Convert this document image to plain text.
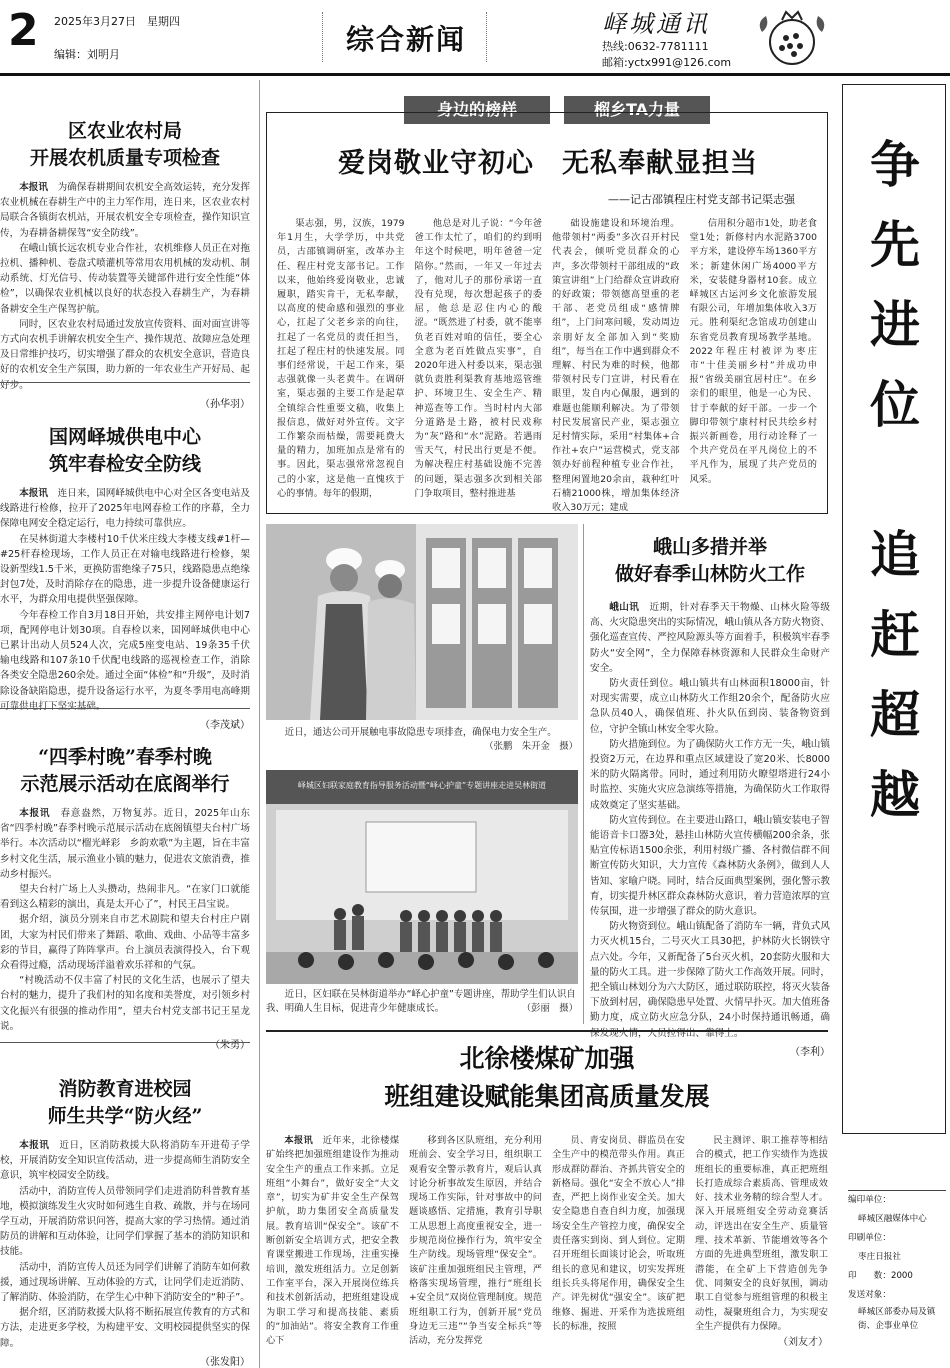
2 2025年3月27日　星期四
编辑：刘明月	综合新闻	峄城通讯
热线:0632-7781111
邮箱:yctx991@126.com
区农业农村局
开展农机质量专项检查

本报讯　 为确保春耕期间农机安全高效运转，充分发挥农业机械在春耕生产中的主力军作用，连日来，区农业农村局联合各镇街农机站，开展农机安全专项检查，操作知识宣传，为春耕备耕保驾“安全防线”。

在峨山镇长远农机专业合作社，农机维修人员正在对拖拉机、播种机、卷盘式喷灌机等常用农用机械的发动机、制动系统、灯光信号、传动装置等关键部件进行安全性能“体检”，以确保农业机械以良好的状态投入春耕生产，为春耕备耕安全生产保驾护航。

同时，区农业农村局通过发放宣传资料、面对面宣讲等方式向农机手讲解农机安全生产、操作规范、故障应急处理及日常维护技巧，切实增强了群众的农机安全意识，营造良好的农机安全生产氛围，助力新的一年农业生产开好局、起好步。

（孙华羽）
国网峄城供电中心
筑牢春检安全防线

本报讯　 连日来，国网峄城供电中心对全区各变电站及线路进行检修，拉开了2025年电网春检工作的序幕，全力保障电网安全稳定运行，电力持续可靠供应。

在吴林街道大李楼村10千伏米庄线大李楼支线#1杆—#25杆春检现场，工作人员正在对输电线路进行检修，架设新型线1.5千米，更换防雷绝缘子75只，线路隐患点绝缘封包7处，及时消除存在的隐患，进一步提升设备健康运行水平，为群众用电提供坚强保障。

今年春检工作自3月18日开始，共安排主网停电计划7项，配网停电计划30项。自春检以来，国网峄城供电中心已累计出动人员524人次，完成5座变电站、19条35千伏输电线路和107条10千伏配电线路的巡视检查工作，消除各类安全隐患260余处。通过全面“体检”和“升级”，及时消除设备缺陷隐患，提升设备运行水平，为夏冬季用电高峰期可靠供电打下坚实基础。

（李茂斌）
“四季村晚”春季村晚
示范展示活动在底阁举行

本报讯　 春意盎然，万物复苏。近日，2025年山东省“四季村晚”春季村晚示范展示活动在底阁镇望夫台村广场举行。本次活动以“榴光峄彩　乡韵欢歌”为主题，旨在丰富乡村文化生活，展示渔业小镇的魅力，促进农文旅消费，推动乡村振兴。

望夫台村广场上人头攒动，热闹非凡。“在家门口就能看到这么精彩的演出，真是太开心了”，村民王昌宝说。

据介绍，演员分别来自市艺术剧院和望夫台村庄户剧团，大家为村民们带来了舞蹈、歌曲、戏曲、小品等丰富多彩的节目，赢得了阵阵掌声。台上演员表演得投入，台下观众看得过瘾，活动现场洋溢着欢乐祥和的气氛。

“村晚活动不仅丰富了村民的文化生活，也展示了望夫台村的魅力，提升了我们村的知名度和美誉度，对引领乡村文化振兴有很强的推动作用”，望夫台村党支部书记王星龙说。

（朱勇）
消防教育进校园
师生共学“防火经”

本报讯　 近日，区消防救援大队将消防车开进荀子学校，开展消防安全知识宣传活动，进一步提高师生消防安全意识，筑牢校园安全防线。

活动中，消防宣传人员带领同学们走进消防科普教育基地，模拟演练发生火灾时如何逃生自救、疏散，并与在场同学互动，开展消防常识问答，提高大家的学习热情。通过消防员的讲解和互动体验，让同学们掌握了基本的消防知识和技能。

活动中，消防宣传人员还为同学们讲解了消防车如何救援，通过现场讲解、互动体验的方式，让同学们走近消防、了解消防、体验消防，在学生心中种下消防安全的“种子”。

据介绍，区消防救援大队将不断拓展宣传教育的方式和方法，走进更多学校，为构建平安、文明校园提供坚实的保障。

（张发阳）
身边的榜样	榴乡TA力量
爱岗敬业守初心　无私奉献显担当
——记古邵镇程庄村党支部书记渠志强

渠志强，男，汉族，1979年1月生，大学学历，中共党员，古邵镇调研室，改革办主任、程庄村党支部书记。工作以来，他始终爱岗敬业，忠诚履职，踏实肯干，无私奉献，以高度的使命感和强烈的事业心，扛起了父老乡亲的向往，扛起了一名党员的责任担当，扛起了程庄村的快速发展。同事们经常说，干起工作来，渠志强就像一头老黄牛。在调研室，渠志强的主要工作是起草全镇综合性重要文稿，收集上报信息，做好对外宣传。文字工作繁杂而枯燥，需要耗费大量的精力，加班加点是常有的事。因此，渠志强常常忽视自己的小家，这是他一直愧疚于心的事情。每年的假期，

他总是对儿子说：“今年爸爸工作太忙了，咱们的约到明年这个时候吧，明年爸爸一定陪你。”然而，一年又一年过去了，他对儿子的那份承诺一直没有兑现，每次想起孩子的委屈，他总是忍住内心的酸涩。“既然进了村委，就不能辜负老百姓对咱的信任，要全心全意为老百姓做点实事”，自2020年进入村委以来，渠志强就负责胜利渠教育基地巡管维护、环境卫生、安全生产、精神巡查等工作。当时村内大部分道路是土路，被村民戏称为“灰”路和“水”泥路。若遇雨雪天气，村民出行更是不便。为解决程庄村基础设施不完善的问题，渠志强多次到相关部门争取项目，整村推进基

础设施建设和环境治理。他带领村“两委”多次召开村民代表会，倾听党员群众的心声，多次带领村干部组成的“政策宣讲组”上门给群众宣讲政府的好政策；带领德高望重的老干部、老党员组成“感情牌组”，上门问寒问暖，发动周边亲朋好友全部加入到“奖励组”，每当在工作中遇到群众不理解、村民为难的时候，他都带领村民专门宣讲，村民看在眼里，发自内心佩服，遇到的难题也能顺利解决。为了带领村民发展富民产业，渠志强立足村情实际，采用“村集体+合作社+农户”运营模式，党支部领办好前程种植专业合作社，整理闲置地20余亩，栽种红叶石楠21000株，增加集体经济收入30万元；建成

信用积分超市1处，助老食堂1处；新修村内水泥路3700平方米，建设停车场1360平方米；新建休闲广场4000平方米，安装健身器材10套。成立峄城区古运河乡文化旅游发展有限公司，年增加集体收入3万元。胜利渠纪念馆成功创建山东省党员教育现场教学基地。2022年程庄村被评为枣庄市“十佳美丽乡村”并成功申报“省级美丽宜居村庄”。在乡亲们的眼里，他是一心为民、甘于奉献的好干部。一步一个脚印带领宁康村村民共绘乡村振兴新画卷，用行动诠释了一个共产党员在平凡岗位上的不平凡作为，展现了共产党员的风采。

近日，通达公司开展触电事故隐患专项排查，确保电力安全生产。
（张鹏　朱开金　摄）
峄城区妇联家庭教育指导服务活动暨“峄心护童”专题讲座走进吴林街道
近日，区妇联在吴林街道举办“峄心护童”专题讲座，帮助学生们认识自我、明确人生目标，促进青少年健康成长。	（彭丽　摄）
峨山多措并举
做好春季山林防火工作

峨山讯　 近期，针对春季天干物燥、山林火险等级高、火灾隐患突出的实际情况，峨山镇从各方防火物资、强化巡查宣传、严控风险源头等方面着手，积极筑牢春季防火“安全网”，全力保障春林资源和人民群众生命财产安全。

防火责任到位。峨山镇共有山林面积18000亩，针对现实需要，成立山林防火工作组20余个，配备防火应急队员40人，确保值班、扑火队伍到岗、装备物资到位，守护全镇山林安全零火险。

防火措施到位。为了确保防火工作方无一失，峨山镇投资2万元，在边界和重点区域建设了宽20米、长8000米的防火隔离带。同时，通过利用防火瞭望塔进行24小时监控、实施火灾应急演练等措施，为确保防火工作取得成效奠定了坚实基础。

防火宣传到位。在主要进山路口，峨山镇安装电子智能语音卡口器3处，悬挂山林防火宣传横幅200余条，张贴宣传标语1500余张，利用村级广播、各村微信群不间断宣传防火知识，大力宣传《森林防火条例》，做到人人皆知、家喻户晓。同时，结合反面典型案例，强化警示教育，切实提升林区群众森林防火意识，着力营造浓厚的宣传氛围，进一步增强了群众的防火意识。

防火物资到位。峨山镇配备了消防车一辆，背负式风力灭火机15台，二号灭火工具30把，护林防火长钢铁守点六处。今年，又新配备了5台灭火机，20套防火服和大量的防火工具。进一步保障了防火工作高效开展。同时，把全镇山林划分为六大防区，通过联防联控，将灭火装备下放到村居，确保隐患早处置、火情早扑灭。加大值班备勤力度，成立防火应急分队，24小时保持通讯畅通，确保发现火情，人员拉得出、靠得上。

（李利）
北徐楼煤矿加强
班组建设赋能集团高质量发展

本报讯　 近年来，北徐楼煤矿始终把加强班组建设作为推动安全生产的重点工作来抓。立足班组“小舞台”，做好安全“大文章”，切实为矿井安全生产保驾护航，助力集团安全高质量发展。教育培训“保安全”。该矿不断创新安全培训方式，把安全教育课堂搬进工作现场，注重实操培训，激发班组活力。立足创新工作室平台，深入开展岗位练兵和技术创新活动，把班组建设成为职工学习和提高技能、素质的“加油站”。将安全教育工作重心下

移到各区队班组，充分利用班前会、安全学习日，组织职工观看安全警示教育片，观后认真讨论分析事故发生原因，并结合现场工作实际，针对事故中的问题谈感悟、定措施，教育引导职工从思想上高度重视安全，进一步规范岗位操作行为，筑牢安全生产防线。现场管理“保安全”。该矿注重加强班组民主管理，严格落实现场管理，推行“班组长+安全员”双岗位管理制度。规范班组职工行为，创新开展“党员身边无三违”“争当安全标兵”等活动，充分发挥党

员、青安岗员、群监员在安全生产中的模范带头作用。真正形成群防群治、齐抓共管安全的新格局。强化“安全不放心人”排查，严把上岗作业安全关。加大安全隐患自查自纠力度，加强现场安全生产管控力度，确保安全责任落实到岗、到人到位。定期召开班组长面谈讨论会，听取班组长的意见和建议，切实发挥班组长兵头将尾作用，确保安全生产。评先树优“强安全”。该矿把维修、掘进、开采作为选拔班组长的标准，按照

民主测评、职工推荐等相结合的模式，把工作实绩作为选拔班组长的重要标准，真正把班组长打造成综合素质高、管理成效好、技术业务精的综合型人才。深入开展班组安全劳动竞赛活动，评选出在安全生产、质量管理、技术革新、节能增效等各个方面的先进典型班组，激发职工潜能，在全矿上下营造创先争优、同频安全的良好氛围，调动职工自觉参与班组管理的积极主动性，凝聚班组合力，为实现安全生产提供有力保障。

（刘友才）
争
先
进
位
追
赶
超
越
编印单位：
峄城区融媒体中心
印刷单位：
枣庄日报社
印　　数：2000
发送对象：
峄城区部委办局及镇街、企事业单位
